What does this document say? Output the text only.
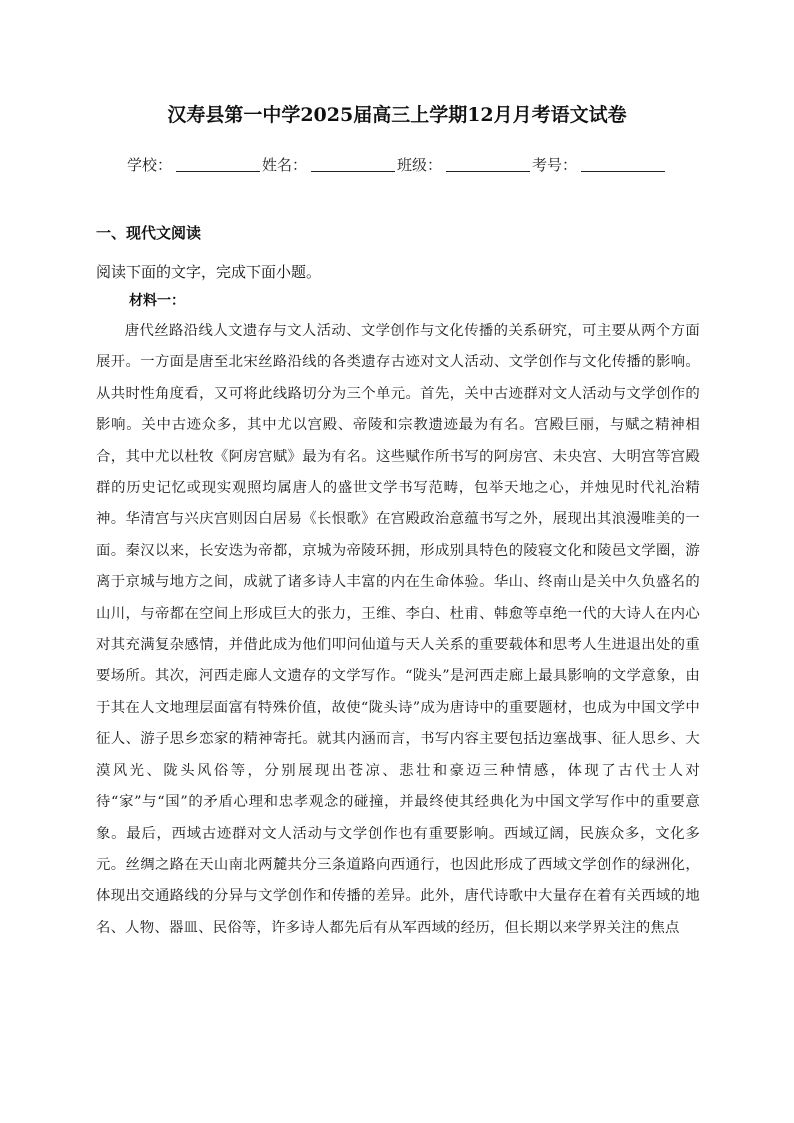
汉寿县第一中学2025届高三上学期12月月考语文试卷
学校：	姓名：	班级：	考号：
一、现代文阅读
阅读下面的文字，完成下面小题。
材料一：

唐代丝路沿线人文遗存与文人活动、文学创作与文化传播的关系研究，可主要从两个方面展开。一方面是唐至北宋丝路沿线的各类遗存古迹对文人活动、文学创作与文化传播的影响。从共时性角度看，又可将此线路切分为三个单元。首先，关中古迹群对文人活动与文学创作的影响。关中古迹众多，其中尤以宫殿、帝陵和宗教遗迹最为有名。宫殿巨丽，与赋之精神相合，其中尤以杜牧《阿房宫赋》最为有名。这些赋作所书写的阿房宫、未央宫、大明宫等宫殿群的历史记忆或现实观照均属唐人的盛世文学书写范畴，包举天地之心，并烛见时代礼治精神。华清宫与兴庆宫则因白居易《长恨歌》在宫殿政治意蕴书写之外，展现出其浪漫唯美的一面。秦汉以来，长安迭为帝都，京城为帝陵环拥，形成别具特色的陵寝文化和陵邑文学圈，游离于京城与地方之间，成就了诸多诗人丰富的内在生命体验。华山、终南山是关中久负盛名的山川，与帝都在空间上形成巨大的张力，王维、李白、杜甫、韩愈等卓绝一代的大诗人在内心对其充满复杂感情，并借此成为他们叩问仙道与天人关系的重要载体和思考人生进退出处的重要场所。其次，河西走廊人文遗存的文学写作。“陇头”是河西走廊上最具影响的文学意象，由于其在人文地理层面富有特殊价值，故使“陇头诗”成为唐诗中的重要题材，也成为中国文学中征人、游子思乡恋家的精神寄托。就其内涵而言，书写内容主要包括边塞战事、征人思乡、大漠风光、陇头风俗等，分别展现出苍凉、悲壮和豪迈三种情感，体现了古代士人对待“家”与“国”的矛盾心理和忠孝观念的碰撞，并最终使其经典化为中国文学写作中的重要意象。最后，西域古迹群对文人活动与文学创作也有重要影响。西域辽阔，民族众多，文化多元。丝绸之路在天山南北两麓共分三条道路向西通行，也因此形成了西域文学创作的绿洲化，体现出交通路线的分异与文学创作和传播的差异。此外，唐代诗歌中大量存在着有关西域的地名、人物、器皿、民俗等，许多诗人都先后有从军西域的经历，但长期以来学界关注的焦点
